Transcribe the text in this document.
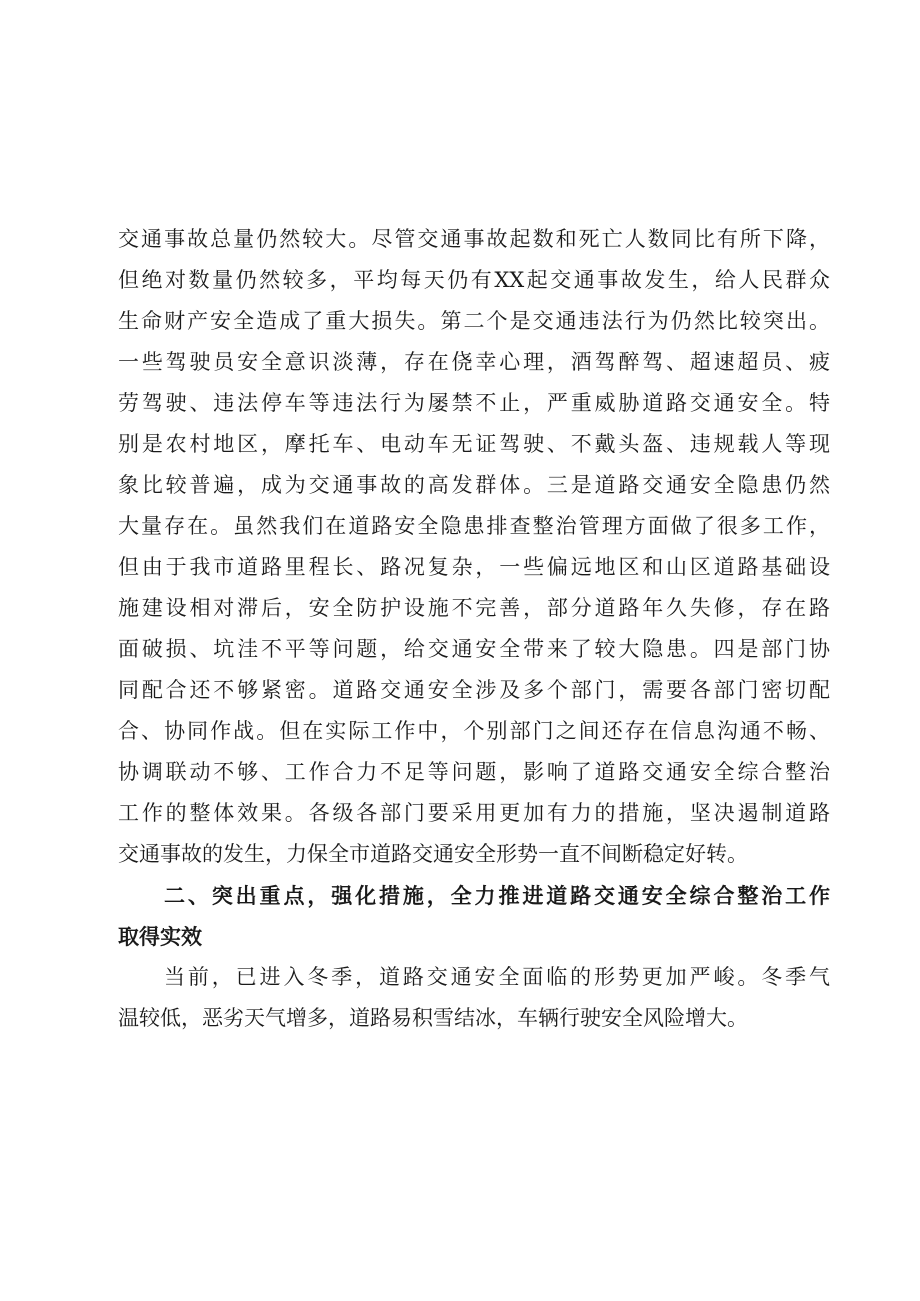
交通事故总量仍然较大。尽管交通事故起数和死亡人数同比有所下降，
但绝对数量仍然较多，平均每天仍有XX起交通事故发生，给人民群众
生命财产安全造成了重大损失。第二个是交通违法行为仍然比较突出。
一些驾驶员安全意识淡薄，存在侥幸心理，酒驾醉驾、超速超员、疲
劳驾驶、违法停车等违法行为屡禁不止，严重威胁道路交通安全。特
别是农村地区，摩托车、电动车无证驾驶、不戴头盔、违规载人等现
象比较普遍，成为交通事故的高发群体。三是道路交通安全隐患仍然
大量存在。虽然我们在道路安全隐患排查整治管理方面做了很多工作，
但由于我市道路里程长、路况复杂，一些偏远地区和山区道路基础设
施建设相对滞后，安全防护设施不完善，部分道路年久失修，存在路
面破损、坑洼不平等问题，给交通安全带来了较大隐患。四是部门协
同配合还不够紧密。道路交通安全涉及多个部门，需要各部门密切配
合、协同作战。但在实际工作中，个别部门之间还存在信息沟通不畅、
协调联动不够、工作合力不足等问题，影响了道路交通安全综合整治
工作的整体效果。各级各部门要采用更加有力的措施，坚决遏制道路
交通事故的发生，力保全市道路交通安全形势一直不间断稳定好转。
二、突出重点，强化措施，全力推进道路交通安全综合整治工作
取得实效
当前，已进入冬季，道路交通安全面临的形势更加严峻。冬季气
温较低，恶劣天气增多，道路易积雪结冰，车辆行驶安全风险增大。
